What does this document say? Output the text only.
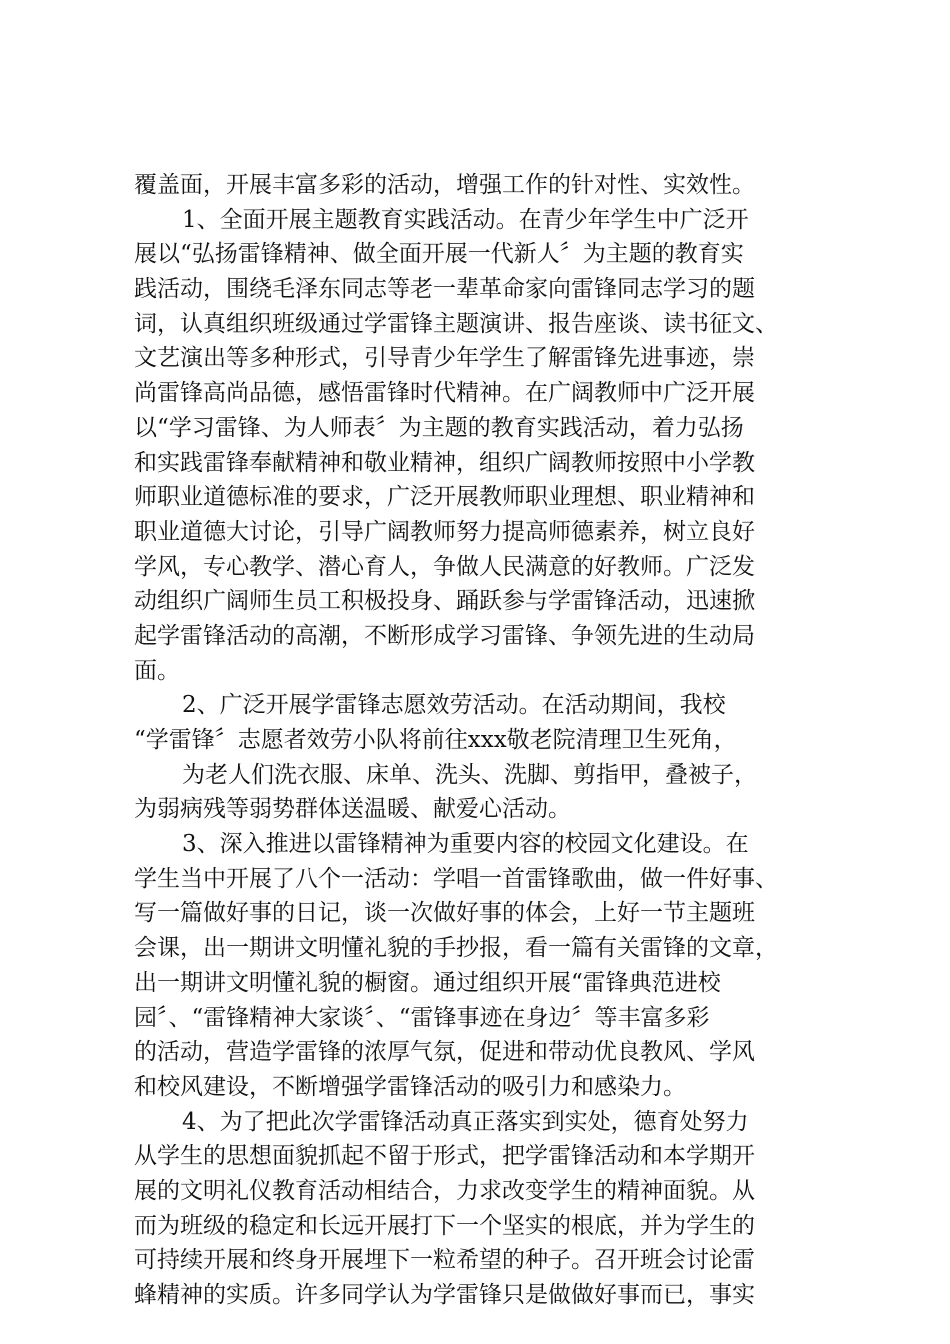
覆盖面，开展丰富多彩的活动，增强工作的针对性、实效性。
1、全面开展主题教育实践活动。在青少年学生中广泛开
展以“弘扬雷锋精神、做全面开展一代新人〞为主题的教育实
践活动，围绕毛泽东同志等老一辈革命家向雷锋同志学习的题
词，认真组织班级通过学雷锋主题演讲、报告座谈、读书征文、
文艺演出等多种形式，引导青少年学生了解雷锋先进事迹，崇
尚雷锋高尚品德，感悟雷锋时代精神。在广阔教师中广泛开展
以“学习雷锋、为人师表〞为主题的教育实践活动，着力弘扬
和实践雷锋奉献精神和敬业精神，组织广阔教师按照中小学教
师职业道德标准的要求，广泛开展教师职业理想、职业精神和
职业道德大讨论，引导广阔教师努力提高师德素养，树立良好
学风，专心教学、潜心育人，争做人民满意的好教师。广泛发
动组织广阔师生员工积极投身、踊跃参与学雷锋活动，迅速掀
起学雷锋活动的高潮，不断形成学习雷锋、争领先进的生动局
面。
2、广泛开展学雷锋志愿效劳活动。在活动期间，我校
“学雷锋〞志愿者效劳小队将前往xxx敬老院清理卫生死角，
为老人们洗衣服、床单、洗头、洗脚、剪指甲，叠被子，
为弱病残等弱势群体送温暖、献爱心活动。
3、深入推进以雷锋精神为重要内容的校园文化建设。在
学生当中开展了八个一活动：学唱一首雷锋歌曲，做一件好事、
写一篇做好事的日记，谈一次做好事的体会，上好一节主题班
会课，出一期讲文明懂礼貌的手抄报，看一篇有关雷锋的文章，
出一期讲文明懂礼貌的橱窗。通过组织开展“雷锋典范进校
园〞、“雷锋精神大家谈〞、“雷锋事迹在身边〞等丰富多彩
的活动，营造学雷锋的浓厚气氛，促进和带动优良教风、学风
和校风建设，不断增强学雷锋活动的吸引力和感染力。
4、为了把此次学雷锋活动真正落实到实处，德育处努力
从学生的思想面貌抓起不留于形式，把学雷锋活动和本学期开
展的文明礼仪教育活动相结合，力求改变学生的精神面貌。从
而为班级的稳定和长远开展打下一个坚实的根底，并为学生的
可持续开展和终身开展埋下一粒希望的种子。召开班会讨论雷
蜂精神的实质。许多同学认为学雷锋只是做做好事而已，事实
